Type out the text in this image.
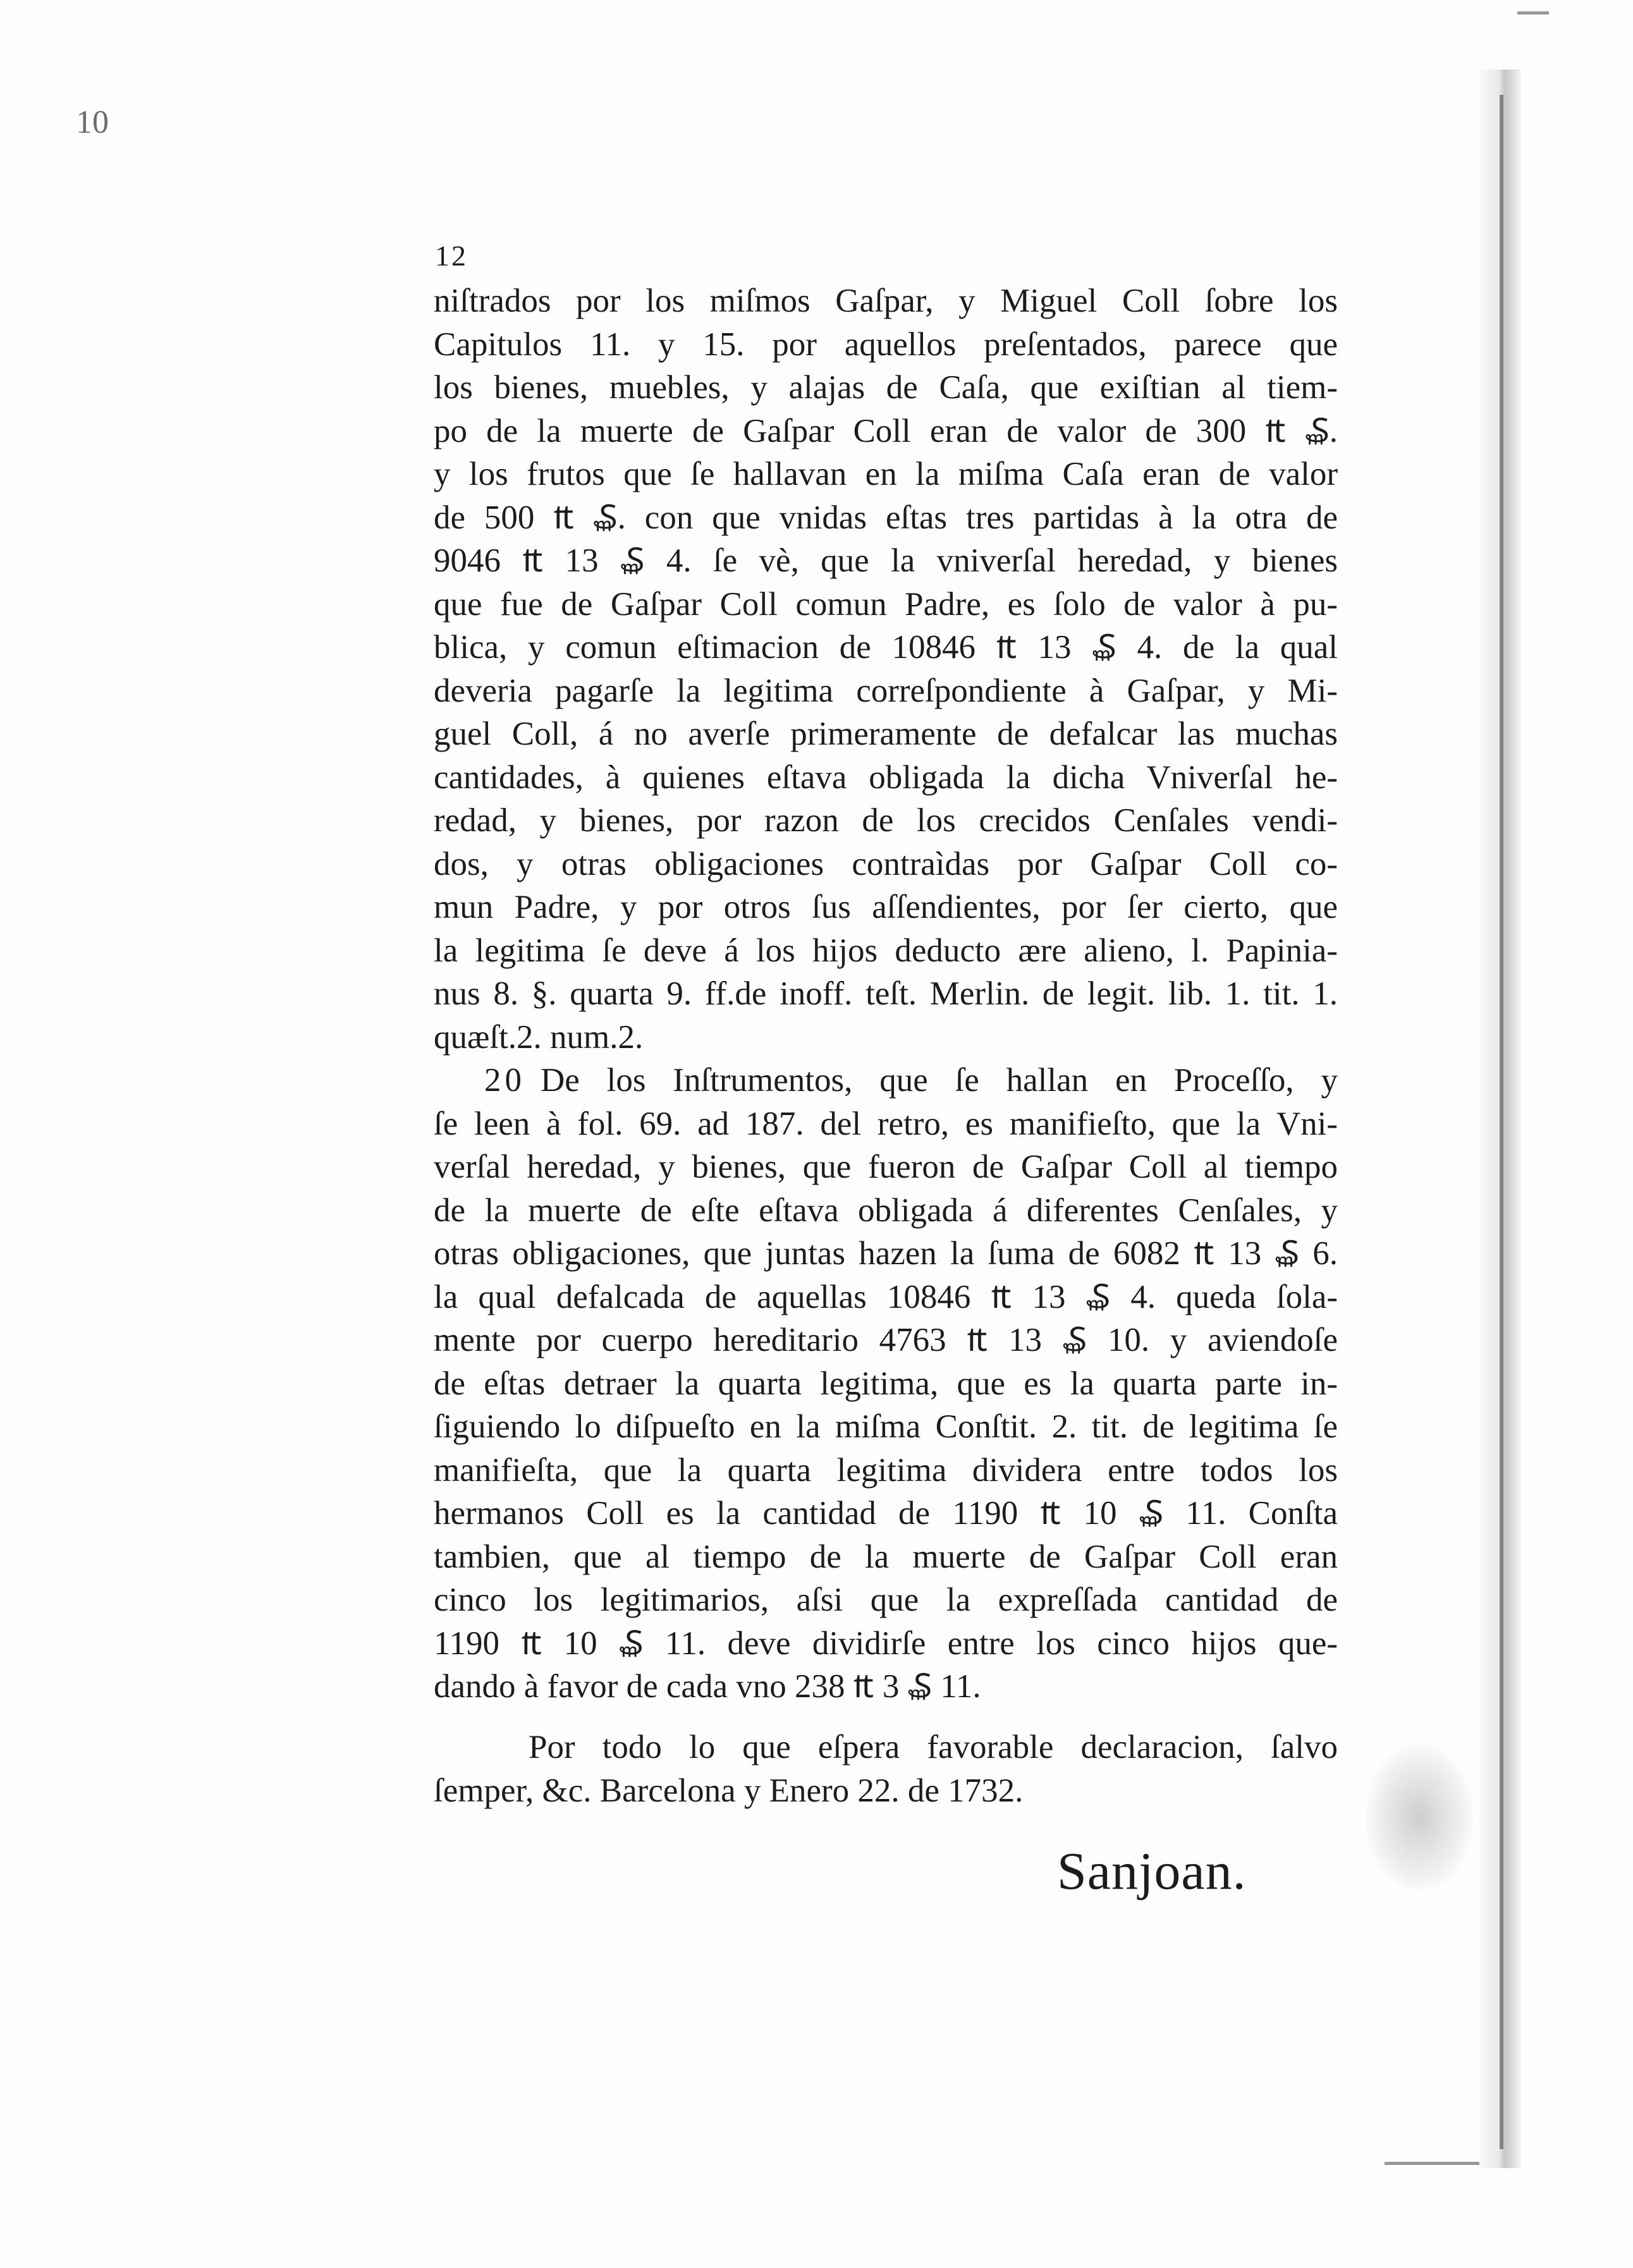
10
12
niſtrados por los miſmos Gaſpar, y Miguel Coll ſobre los
Capitulos 11. y 15. por aquellos preſentados, parece que
los bienes, muebles, y alajas de Caſa, que exiſtian al tiem-
po de la muerte de Gaſpar Coll eran de valor de 300 ₶ ₷.
y los frutos que ſe hallavan en la miſma Caſa eran de valor
de 500 ₶ ₷. con que vnidas eſtas tres partidas à la otra de
9046 ₶ 13 ₷ 4. ſe vè, que la vniverſal heredad, y bienes
que fue de Gaſpar Coll comun Padre, es ſolo de valor à pu-
blica, y comun eſtimacion de 10846 ₶ 13 ₷ 4. de la qual
deveria pagarſe la legitima correſpondiente à Gaſpar, y Mi-
guel Coll, á no averſe primeramente de defalcar las muchas
cantidades, à quienes eſtava obligada la dicha Vniverſal he-
redad, y bienes, por razon de los crecidos Cenſales vendi-
dos, y otras obligaciones contraìdas por Gaſpar Coll co-
mun Padre, y por otros ſus aſſendientes, por ſer cierto, que
la legitima ſe deve á los hijos deducto ære alieno, l. Papinia-
nus 8. §. quarta 9. ff.de inoff. teſt. Merlin. de legit. lib. 1. tit. 1.
quæſt.2. num.2.
20 De los Inſtrumentos, que ſe hallan en Proceſſo, y
ſe leen à fol. 69. ad 187. del retro, es manifieſto, que la Vni-
verſal heredad, y bienes, que fueron de Gaſpar Coll al tiempo
de la muerte de eſte eſtava obligada á diferentes Cenſales, y
otras obligaciones, que juntas hazen la ſuma de 6082 ₶ 13 ₷ 6.
la qual defalcada de aquellas 10846 ₶ 13 ₷ 4. queda ſola-
mente por cuerpo hereditario 4763 ₶ 13 ₷ 10. y aviendoſe
de eſtas detraer la quarta legitima, que es la quarta parte in-
ſiguiendo lo diſpueſto en la miſma Conſtit. 2. tit. de legitima ſe
manifieſta, que la quarta legitima dividera entre todos los
hermanos Coll es la cantidad de 1190 ₶ 10 ₷ 11. Conſta
tambien, que al tiempo de la muerte de Gaſpar Coll eran
cinco los legitimarios, aſsi que la expreſſada cantidad de
1190 ₶ 10 ₷ 11. deve dividirſe entre los cinco hijos que-
dando à favor de cada vno 238 ₶ 3 ₷ 11.
Por todo lo que eſpera favorable declaracion, ſalvo
ſemper, &c. Barcelona y Enero 22. de 1732.
Sanjoan.
